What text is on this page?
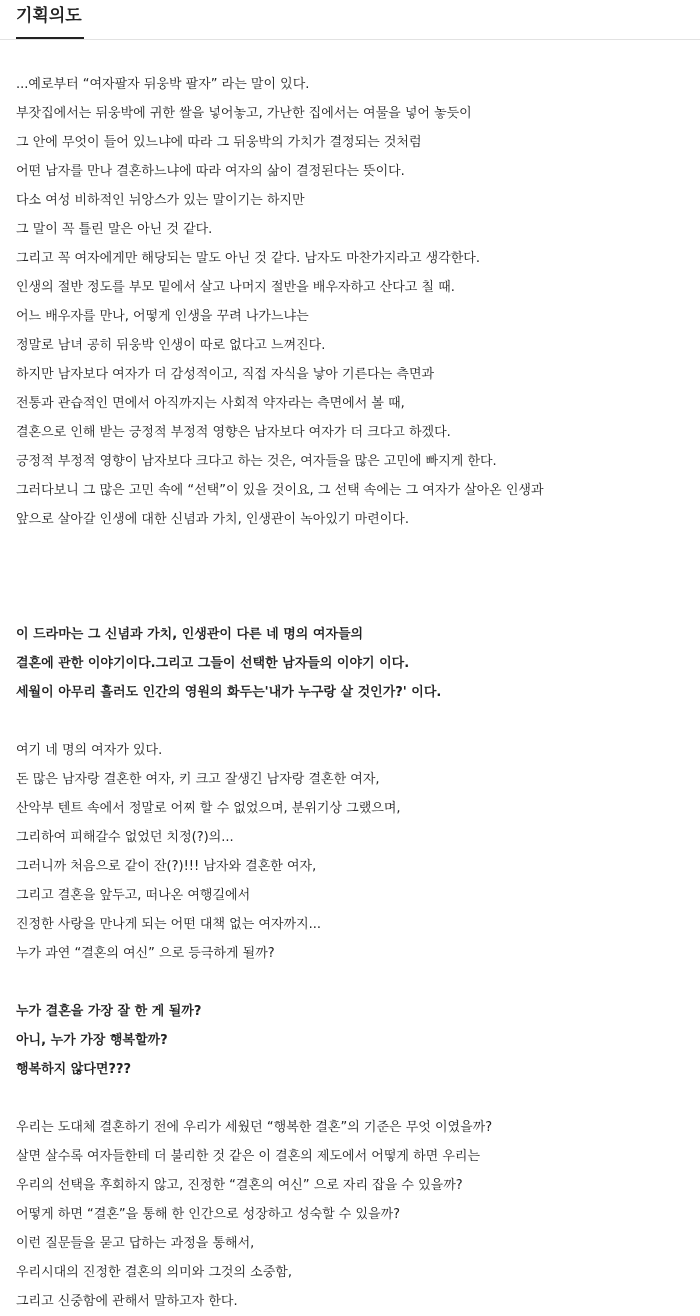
기획의도
...예로부터 “여자팔자 뒤웅박 팔자” 라는 말이 있다.
부잣집에서는 뒤웅박에 귀한 쌀을 넣어놓고, 가난한 집에서는 여물을 넣어 놓듯이
그 안에 무엇이 들어 있느냐에 따라 그 뒤웅박의 가치가 결정되는 것처럼
어떤 남자를 만나 결혼하느냐에 따라 여자의 삶이 결정된다는 뜻이다.
다소 여성 비하적인 뉘앙스가 있는 말이기는 하지만
그 말이 꼭 틀린 말은 아닌 것 같다.
그리고 꼭 여자에게만 해당되는 말도 아닌 것 같다. 남자도 마찬가지라고 생각한다.
인생의 절반 정도를 부모 밑에서 살고 나머지 절반을 배우자하고 산다고 칠 때.
어느 배우자를 만나, 어떻게 인생을 꾸려 나가느냐는
정말로 남녀 공히 뒤웅박 인생이 따로 없다고 느껴진다.
하지만 남자보다 여자가 더 감성적이고, 직접 자식을 낳아 기른다는 측면과
전통과 관습적인 면에서 아직까지는 사회적 약자라는 측면에서 볼 때,
결혼으로 인해 받는 긍정적 부정적 영향은 남자보다 여자가 더 크다고 하겠다.
긍정적 부정적 영향이 남자보다 크다고 하는 것은, 여자들을 많은 고민에 빠지게 한다.
그러다보니 그 많은 고민 속에 “선택”이 있을 것이요, 그 선택 속에는 그 여자가 살아온 인생과
앞으로 살아갈 인생에 대한 신념과 가치, 인생관이 녹아있기 마련이다.
이 드라마는 그 신념과 가치, 인생관이 다른 네 명의 여자들의
결혼에 관한 이야기이다.그리고 그들이 선택한 남자들의 이야기 이다.
세월이 아무리 흘러도 인간의 영원의 화두는'내가 누구랑 살 것인가?' 이다.
여기 네 명의 여자가 있다.
돈 많은 남자랑 결혼한 여자, 키 크고 잘생긴 남자랑 결혼한 여자,
산악부 텐트 속에서 정말로 어찌 할 수 없었으며, 분위기상 그랬으며,
그리하여 피해갈수 없었던 치정(?)의...
그러니까 처음으로 같이 잔(?)!!! 남자와 결혼한 여자,
그리고 결혼을 앞두고, 떠나온 여행길에서
진정한 사랑을 만나게 되는 어떤 대책 없는 여자까지...
누가 과연 “결혼의 여신” 으로 등극하게 될까?
누가 결혼을 가장 잘 한 게 될까?
아니, 누가 가장 행복할까?
행복하지 않다면???
우리는 도대체 결혼하기 전에 우리가 세웠던 “행복한 결혼”의 기준은 무엇 이였을까?
살면 살수록 여자들한테 더 불리한 것 같은 이 결혼의 제도에서 어떻게 하면 우리는
우리의 선택을 후회하지 않고, 진정한 “결혼의 여신” 으로 자리 잡을 수 있을까?
어떻게 하면 “결혼”을 통해 한 인간으로 성장하고 성숙할 수 있을까?
이런 질문들을 묻고 답하는 과정을 통해서,
우리시대의 진정한 결혼의 의미와 그것의 소중함,
그리고 신중함에 관해서 말하고자 한다.
